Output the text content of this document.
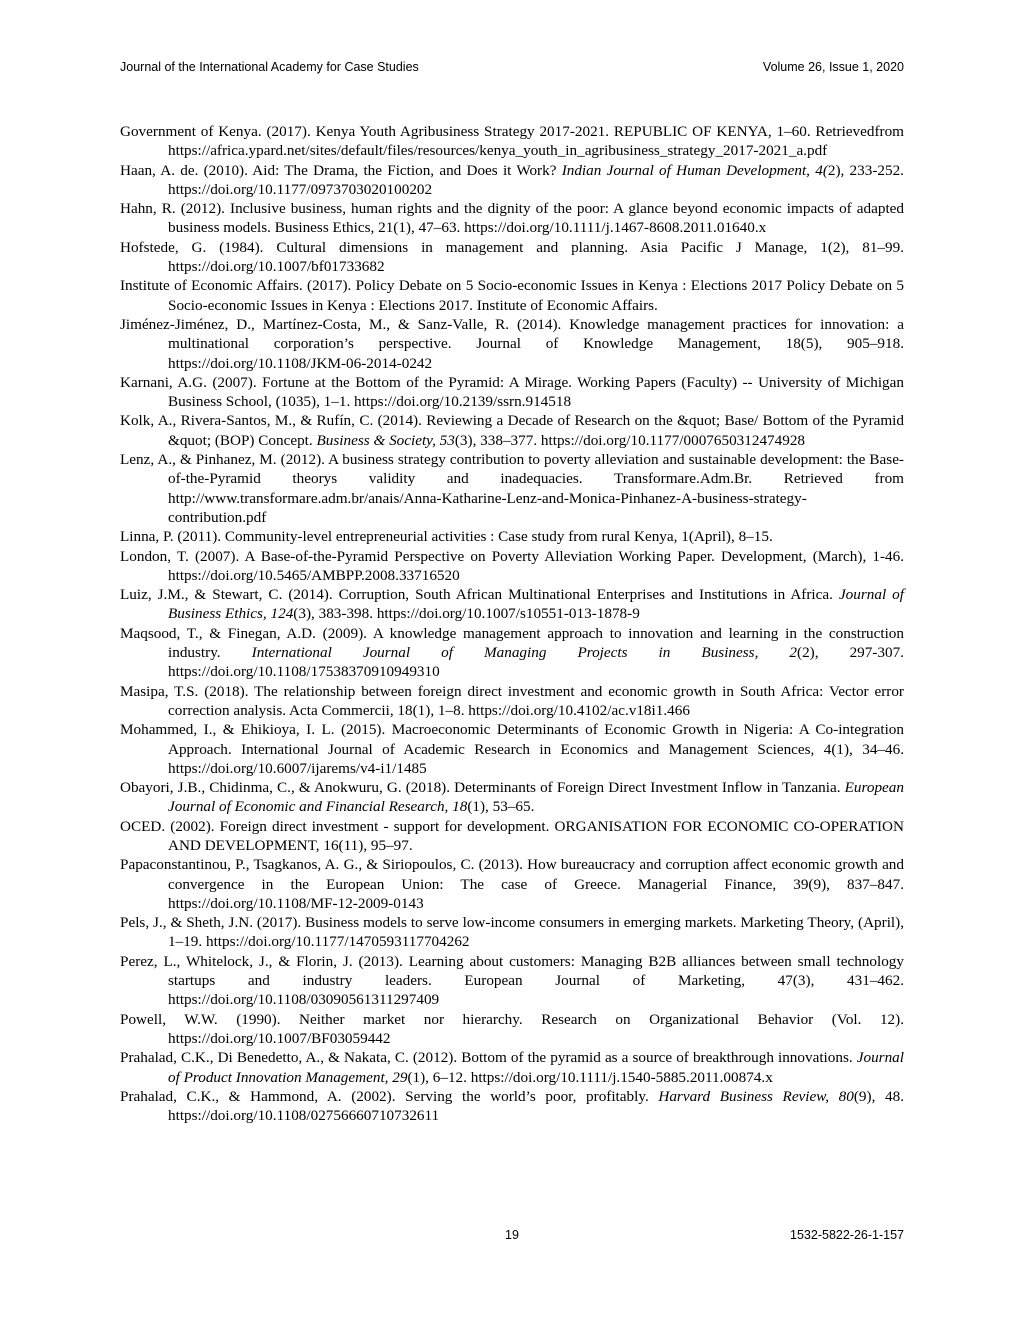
Journal of the International Academy for Case Studies	Volume 26, Issue 1, 2020

Government of Kenya. (2017). Kenya Youth Agribusiness Strategy 2017-2021. REPUBLIC OF KENYA, 1–60. Retrievedfrom https://africa.ypard.net/sites/default/files/resources/kenya_youth_in_agribusiness_strategy_2017-2021_a.pdf

Haan, A. de. (2010). Aid: The Drama, the Fiction, and Does it Work? Indian Journal of Human Development, 4(2), 233-252. https://doi.org/10.1177/0973703020100202

Hahn, R. (2012). Inclusive business, human rights and the dignity of the poor: A glance beyond economic impacts of adapted business models. Business Ethics, 21(1), 47–63. https://doi.org/10.1111/j.1467-8608.2011.01640.x

Hofstede, G. (1984). Cultural dimensions in management and planning. Asia Pacific J Manage, 1(2), 81–99. https://doi.org/10.1007/bf01733682

Institute of Economic Affairs. (2017). Policy Debate on 5 Socio-economic Issues in Kenya : Elections 2017 Policy Debate on 5 Socio-economic Issues in Kenya : Elections 2017. Institute of Economic Affairs.

Jiménez-Jiménez, D., Martínez-Costa, M., & Sanz-Valle, R. (2014). Knowledge management practices for innovation: a multinational corporation’s perspective. Journal of Knowledge Management, 18(5), 905–918. https://doi.org/10.1108/JKM-06-2014-0242

Karnani, A.G. (2007). Fortune at the Bottom of the Pyramid: A Mirage. Working Papers (Faculty) -- University of Michigan Business School, (1035), 1–1. https://doi.org/10.2139/ssrn.914518

Kolk, A., Rivera-Santos, M., & Rufín, C. (2014). Reviewing a Decade of Research on the &quot; Base/ Bottom of the Pyramid &quot; (BOP) Concept. Business & Society, 53(3), 338–377. https://doi.org/10.1177/0007650312474928

Lenz, A., & Pinhanez, M. (2012). A business strategy contribution to poverty alleviation and sustainable development: the Base-of-the-Pyramid theorys validity and inadequacies. Transformare.Adm.Br. Retrieved from http://www.transformare.adm.br/anais/Anna-Katharine-Lenz-and-Monica-Pinhanez-A-business-strategy-contribution.pdf

Linna, P. (2011). Community-level entrepreneurial activities : Case study from rural Kenya, 1(April), 8–15.

London, T. (2007). A Base-of-the-Pyramid Perspective on Poverty Alleviation Working Paper. Development, (March), 1-46. https://doi.org/10.5465/AMBPP.2008.33716520

Luiz, J.M., & Stewart, C. (2014). Corruption, South African Multinational Enterprises and Institutions in Africa. Journal of Business Ethics, 124(3), 383-398. https://doi.org/10.1007/s10551-013-1878-9

Maqsood, T., & Finegan, A.D. (2009). A knowledge management approach to innovation and learning in the construction industry. International Journal of Managing Projects in Business, 2(2), 297-307. https://doi.org/10.1108/17538370910949310

Masipa, T.S. (2018). The relationship between foreign direct investment and economic growth in South Africa: Vector error correction analysis. Acta Commercii, 18(1), 1–8. https://doi.org/10.4102/ac.v18i1.466

Mohammed, I., & Ehikioya, I. L. (2015). Macroeconomic Determinants of Economic Growth in Nigeria: A Co-integration Approach. International Journal of Academic Research in Economics and Management Sciences, 4(1), 34–46. https://doi.org/10.6007/ijarems/v4-i1/1485

Obayori, J.B., Chidinma, C., & Anokwuru, G. (2018). Determinants of Foreign Direct Investment Inflow in Tanzania. European Journal of Economic and Financial Research, 18(1), 53–65.

OCED. (2002). Foreign direct investment - support for development. ORGANISATION FOR ECONOMIC CO-OPERATION AND DEVELOPMENT, 16(11), 95–97.

Papaconstantinou, P., Tsagkanos, A. G., & Siriopoulos, C. (2013). How bureaucracy and corruption affect economic growth and convergence in the European Union: The case of Greece. Managerial Finance, 39(9), 837–847. https://doi.org/10.1108/MF-12-2009-0143

Pels, J., & Sheth, J.N. (2017). Business models to serve low-income consumers in emerging markets. Marketing Theory, (April), 1–19. https://doi.org/10.1177/1470593117704262

Perez, L., Whitelock, J., & Florin, J. (2013). Learning about customers: Managing B2B alliances between small technology startups and industry leaders. European Journal of Marketing, 47(3), 431–462. https://doi.org/10.1108/03090561311297409

Powell, W.W. (1990). Neither market nor hierarchy. Research on Organizational Behavior (Vol. 12). https://doi.org/10.1007/BF03059442

Prahalad, C.K., Di Benedetto, A., & Nakata, C. (2012). Bottom of the pyramid as a source of breakthrough innovations. Journal of Product Innovation Management, 29(1), 6–12. https://doi.org/10.1111/j.1540-5885.2011.00874.x

Prahalad, C.K., & Hammond, A. (2002). Serving the world’s poor, profitably. Harvard Business Review, 80(9), 48. https://doi.org/10.1108/02756660710732611

19	1532-5822-26-1-157
